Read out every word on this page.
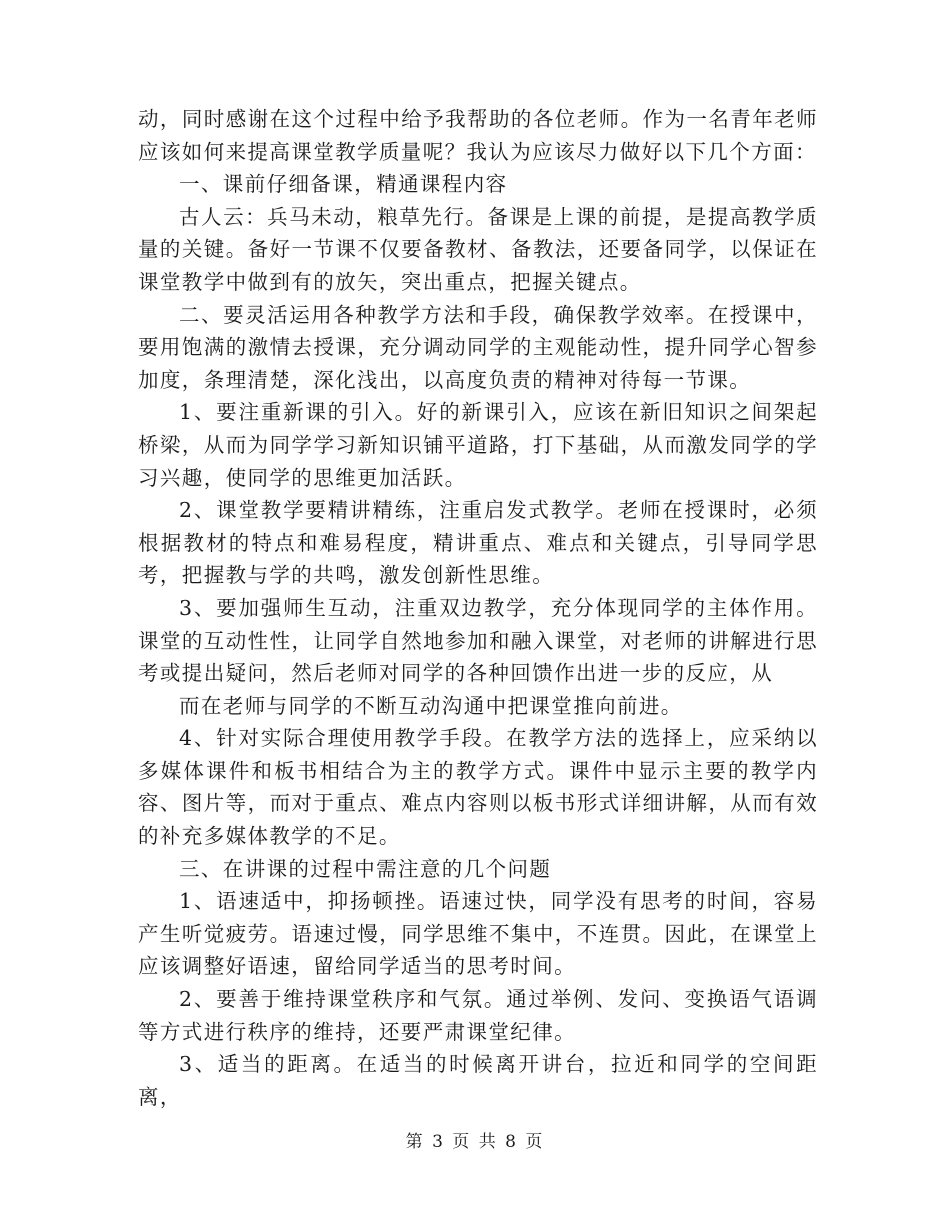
动，同时感谢在这个过程中给予我帮助的各位老师。作为一名青年老师应该如何来提高课堂教学质量呢？我认为应该尽力做好以下几个方面：

一、课前仔细备课，精通课程内容

古人云：兵马未动，粮草先行。备课是上课的前提，是提高教学质量的关键。备好一节课不仅要备教材、备教法，还要备同学，以保证在课堂教学中做到有的放矢，突出重点，把握关键点。

二、要灵活运用各种教学方法和手段，确保教学效率。在授课中，要用饱满的激情去授课，充分调动同学的主观能动性，提升同学心智参加度，条理清楚，深化浅出，以高度负责的精神对待每一节课。

1、要注重新课的引入。好的新课引入，应该在新旧知识之间架起桥梁，从而为同学学习新知识铺平道路，打下基础，从而激发同学的学习兴趣，使同学的思维更加活跃。

2、课堂教学要精讲精练，注重启发式教学。老师在授课时，必须根据教材的特点和难易程度，精讲重点、难点和关键点，引导同学思考，把握教与学的共鸣，激发创新性思维。

3、要加强师生互动，注重双边教学，充分体现同学的主体作用。课堂的互动性性，让同学自然地参加和融入课堂，对老师的讲解进行思考或提出疑问，然后老师对同学的各种回馈作出进一步的反应，从

而在老师与同学的不断互动沟通中把课堂推向前进。

4、针对实际合理使用教学手段。在教学方法的选择上，应采纳以多媒体课件和板书相结合为主的教学方式。课件中显示主要的教学内容、图片等，而对于重点、难点内容则以板书形式详细讲解，从而有效的补充多媒体教学的不足。

三、在讲课的过程中需注意的几个问题

1、语速适中，抑扬顿挫。语速过快，同学没有思考的时间，容易产生听觉疲劳。语速过慢，同学思维不集中，不连贯。因此，在课堂上应该调整好语速，留给同学适当的思考时间。

2、要善于维持课堂秩序和气氛。通过举例、发问、变换语气语调等方式进行秩序的维持，还要严肃课堂纪律。

3、适当的距离。在适当的时候离开讲台，拉近和同学的空间距离，

第 3 页 共 8 页
